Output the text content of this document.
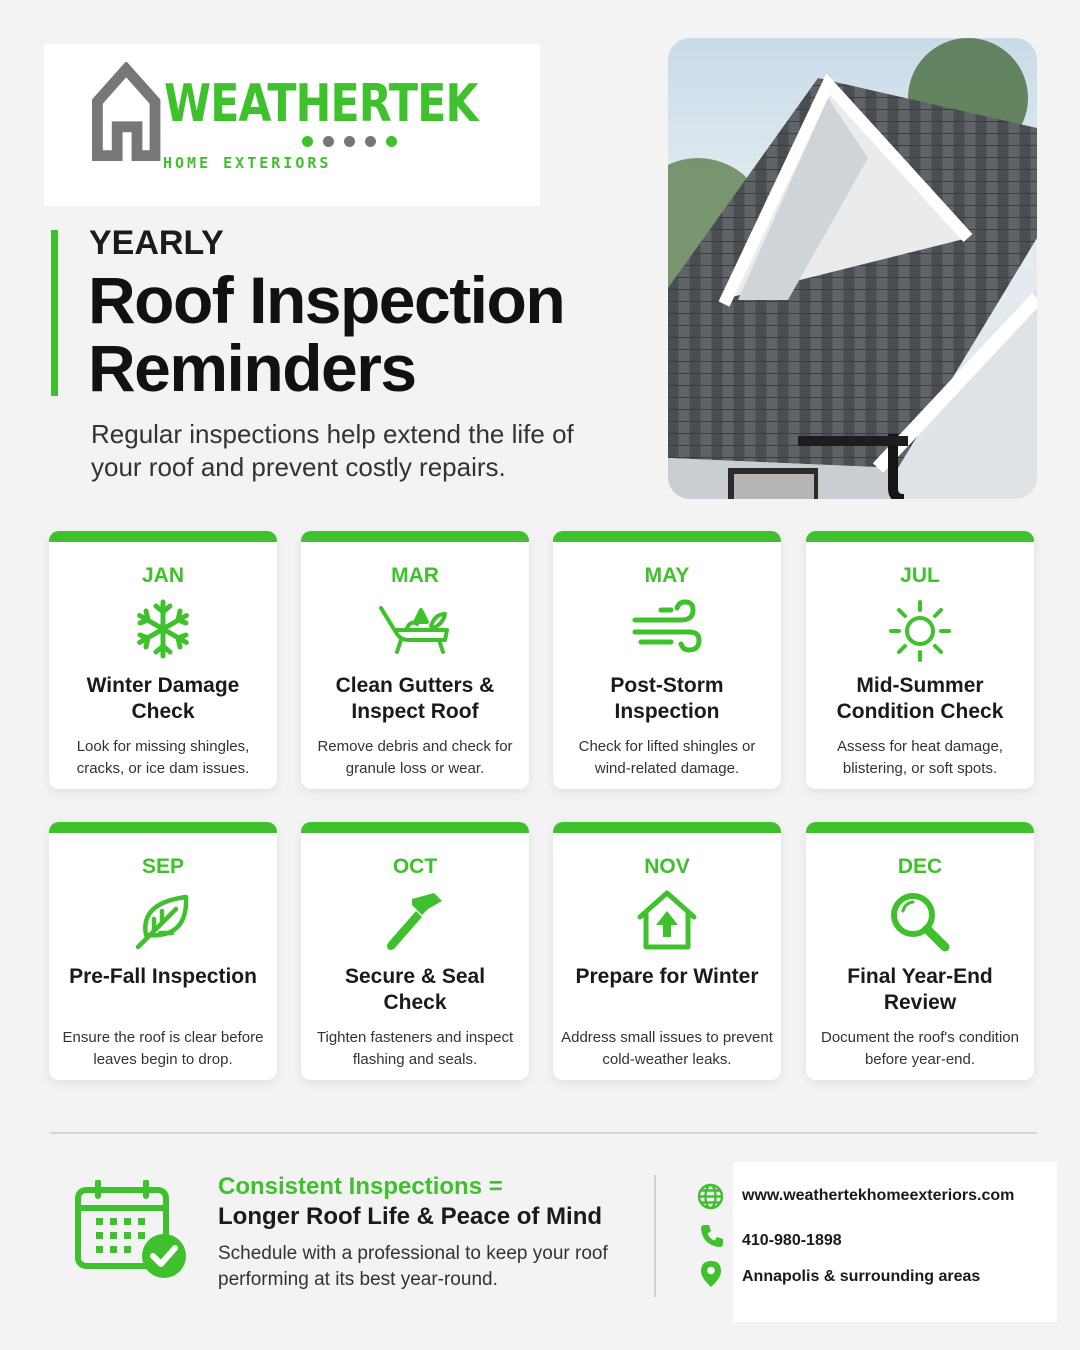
WEATHERTEK
HOME EXTERIORS
YEARLY
Roof Inspection
Reminders
Regular inspections help extend the life of your roof and prevent costly repairs.
JAN
Winter Damage Check
Look for missing shingles, cracks, or ice dam issues.
MAR
Clean Gutters & Inspect Roof
Remove debris and check for granule loss or wear.
MAY
Post-Storm Inspection
Check for lifted shingles or wind-related damage.
JUL
Mid-Summer Condition Check
Assess for heat damage, blistering, or soft spots.
SEP
Pre-Fall Inspection
Ensure the roof is clear before leaves begin to drop.
OCT
Secure & Seal Check
Tighten fasteners and inspect flashing and seals.
NOV
Prepare for Winter
Address small issues to prevent cold-weather leaks.
DEC
Final Year-End Review
Document the roof's condition before year-end.
Consistent Inspections =
Longer Roof Life & Peace of Mind
Schedule with a professional to keep your roof performing at its best year-round.
www.weathertekhomeexteriors.com
410-980-1898
Annapolis & surrounding areas
